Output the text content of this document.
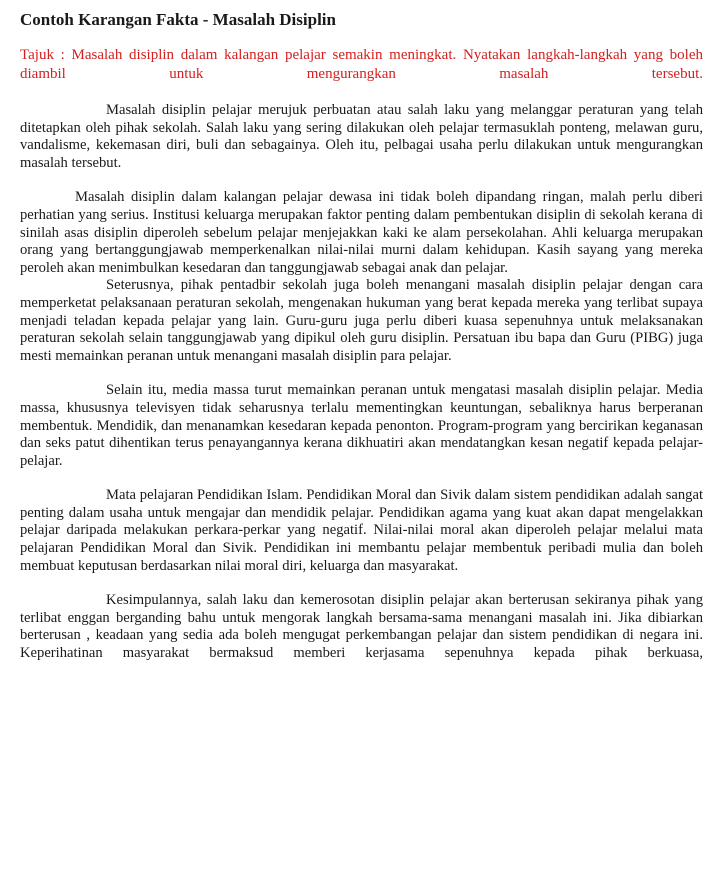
Contoh Karangan Fakta - Masalah Disiplin
Tajuk : Masalah disiplin dalam kalangan pelajar semakin meningkat. Nyatakan langkah-langkah yang boleh diambil untuk mengurangkan masalah tersebut.

Masalah disiplin pelajar merujuk perbuatan atau salah laku yang melanggar peraturan yang telah ditetapkan oleh pihak sekolah. Salah laku yang sering dilakukan oleh pelajar termasuklah ponteng, melawan guru, vandalisme, kekemasan diri, buli dan sebagainya. Oleh itu, pelbagai usaha perlu dilakukan untuk mengurangkan masalah tersebut.

Masalah disiplin dalam kalangan pelajar dewasa ini tidak boleh dipandang ringan, malah perlu diberi perhatian yang serius. Institusi keluarga merupakan faktor penting dalam pembentukan disiplin di sekolah kerana di sinilah asas disiplin diperoleh sebelum pelajar menjejakkan kaki ke alam persekolahan. Ahli keluarga merupakan orang yang bertanggungjawab memperkenalkan nilai-nilai murni dalam kehidupan. Kasih sayang yang mereka peroleh akan menimbulkan kesedaran dan tanggungjawab sebagai anak dan pelajar.

Seterusnya, pihak pentadbir sekolah juga boleh menangani masalah disiplin pelajar dengan cara memperketat pelaksanaan peraturan sekolah, mengenakan hukuman yang berat kepada mereka yang terlibat supaya menjadi teladan kepada pelajar yang lain. Guru-guru juga perlu diberi kuasa sepenuhnya untuk melaksanakan peraturan sekolah selain tanggungjawab yang dipikul oleh guru disiplin. Persatuan ibu bapa dan Guru (PIBG) juga mesti memainkan peranan untuk menangani masalah disiplin para pelajar.

Selain itu, media massa turut memainkan peranan untuk mengatasi masalah disiplin pelajar. Media massa, khususnya televisyen tidak seharusnya terlalu mementingkan keuntungan, sebaliknya harus berperanan membentuk. Mendidik, dan menanamkan kesedaran kepada penonton. Program-program yang bercirikan keganasan dan seks patut dihentikan terus penayangannya kerana dikhuatiri akan mendatangkan kesan negatif kepada pelajar-pelajar.

Mata pelajaran Pendidikan Islam. Pendidikan Moral dan Sivik dalam sistem pendidikan adalah sangat penting dalam usaha untuk mengajar dan mendidik pelajar. Pendidikan agama yang kuat akan dapat mengelakkan pelajar daripada melakukan perkara-perkar yang negatif. Nilai-nilai moral akan diperoleh pelajar melalui mata pelajaran Pendidikan Moral dan Sivik. Pendidikan ini membantu pelajar membentuk peribadi mulia dan boleh membuat keputusan berdasarkan nilai moral diri, keluarga dan masyarakat.

Kesimpulannya, salah laku dan kemerosotan disiplin pelajar akan berterusan sekiranya pihak yang terlibat enggan berganding bahu untuk mengorak langkah bersama-sama menangani masalah ini. Jika dibiarkan berterusan , keadaan yang sedia ada boleh mengugat perkembangan pelajar dan sistem pendidikan di negara ini. Keperihatinan masyarakat bermaksud memberi kerjasama sepenuhnya kepada pihak berkuasa,
